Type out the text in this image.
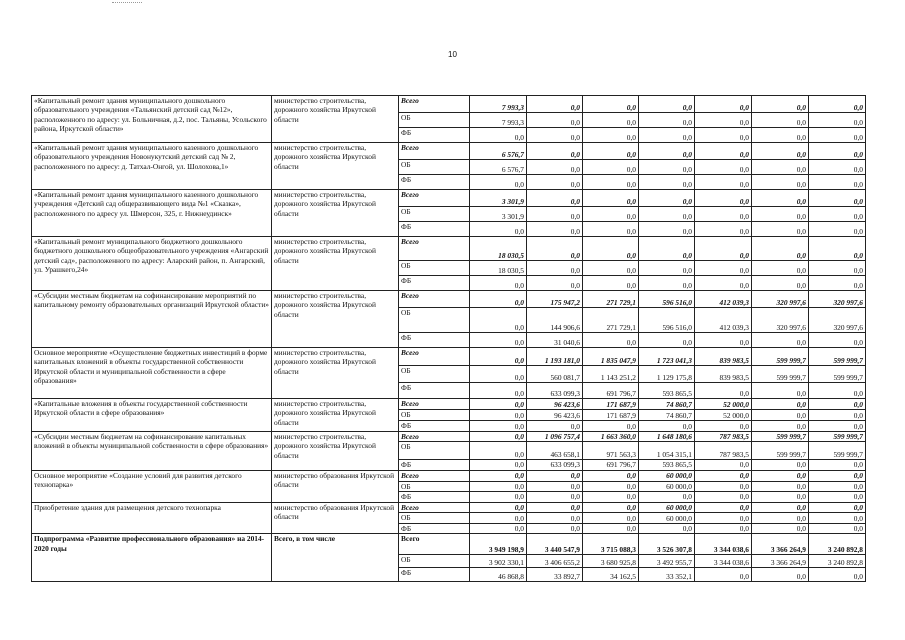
10
«Капитальный ремонт здания муниципального дошкольного образовательного учреждения «Тальянский детский сад №12», расположенного по адресу: ул. Больничная, д.2, пос. Тальяны, Усольского района, Иркутской области»	министерство строительства, дорожного хозяйства Иркутской области	Всего	7 993,3	0,0	0,0	0,0	0,0	0,0	0,0
		ОБ	7 993,3	0,0	0,0	0,0	0,0	0,0	0,0
		ФБ	0,0	0,0	0,0	0,0	0,0	0,0	0,0
«Капитальный ремонт здания муниципального казенного дошкольного образовательного учреждения Новонукутский детский сад № 2, расположенного по адресу: д. Татхал-Онгой, ул. Шолохова,1»	министерство строительства, дорожного хозяйства Иркутской области	Всего	6 576,7	0,0	0,0	0,0	0,0	0,0	0,0
		ОБ	6 576,7	0,0	0,0	0,0	0,0	0,0	0,0
		ФБ	0,0	0,0	0,0	0,0	0,0	0,0	0,0
«Капитальный ремонт здания муниципального казенного дошкольного учреждения «Детский сад общеразвивающего вида №1 «Сказка», расположенного по адресу ул. Шмерсон, 325, г. Нижнеудинск»	министерство строительства, дорожного хозяйства Иркутской области	Всего	3 301,9	0,0	0,0	0,0	0,0	0,0	0,0
		ОБ	3 301,9	0,0	0,0	0,0	0,0	0,0	0,0
		ФБ	0,0	0,0	0,0	0,0	0,0	0,0	0,0
«Капитальный ремонт муниципального бюджетного дошкольного бюджетного дошкольного общеобразовательного учреждения «Ангарский детский сад», расположенного по адресу: Аларский район, п. Ангарский, ул. Урашкего,24»	министерство строительства, дорожного хозяйства Иркутской области	Всего	18 030,5	0,0	0,0	0,0	0,0	0,0	0,0
		ОБ	18 030,5	0,0	0,0	0,0	0,0	0,0	0,0
		ФБ	0,0	0,0	0,0	0,0	0,0	0,0	0,0
«Субсидии местным бюджетам на софинансирование мероприятий по капитальному ремонту образовательных организаций Иркутской области»	министерство строительства, дорожного хозяйства Иркутской области	Всего	0,0	175 947,2	271 729,1	596 516,0	412 039,3	320 997,6	320 997,6
		ОБ	0,0	144 906,6	271 729,1	596 516,0	412 039,3	320 997,6	320 997,6
		ФБ	0,0	31 040,6	0,0	0,0	0,0	0,0	0,0
Основное мероприятие «Осуществление бюджетных инвестиций в форме капитальных вложений в объекты государственной собственности Иркутской области и муниципальной собственности в сфере образования»	министерство строительства, дорожного хозяйства Иркутской области	Всего	0,0	1 193 181,0	1 835 047,9	1 723 041,3	839 983,5	599 999,7	599 999,7
		ОБ	0,0	560 081,7	1 143 251,2	1 129 175,8	839 983,5	599 999,7	599 999,7
		ФБ	0,0	633 099,3	691 796,7	593 865,5	0,0	0,0	0,0
«Капитальные вложения в объекты государственной собственности Иркутской области в сфере образования»	министерство строительства, дорожного хозяйства Иркутской области	Всего	0,0	96 423,6	171 687,9	74 860,7	52 000,0	0,0	0,0
		ОБ	0,0	96 423,6	171 687,9	74 860,7	52 000,0	0,0	0,0
		ФБ	0,0	0,0	0,0	0,0	0,0	0,0	0,0
«Субсидии местным бюджетам на софинансирование капитальных вложений в объекты муниципальной собственности в сфере образования»	министерство строительства, дорожного хозяйства Иркутской области	Всего	0,0	1 096 757,4	1 663 360,0	1 648 180,6	787 983,5	599 999,7	599 999,7
		ОБ	0,0	463 658,1	971 563,3	1 054 315,1	787 983,5	599 999,7	599 999,7
		ФБ	0,0	633 099,3	691 796,7	593 865,5	0,0	0,0	0,0
Основное мероприятие «Создание условий для развития детского технопарка»	министерство образования Иркутской области	Всего	0,0	0,0	0,0	60 000,0	0,0	0,0	0,0
		ОБ	0,0	0,0	0,0	60 000,0	0,0	0,0	0,0
		ФБ	0,0	0,0	0,0	0,0	0,0	0,0	0,0
Приобретение здания для размещения детского технопарка	министерство образования Иркутской области	Всего	0,0	0,0	0,0	60 000,0	0,0	0,0	0,0
		ОБ	0,0	0,0	0,0	60 000,0	0,0	0,0	0,0
		ФБ	0,0	0,0	0,0	0,0	0,0	0,0	0,0
Подпрограмма «Развитие профессионального образования» на 2014-2020 годы	Всего, в том числе	Всего	3 949 198,9	3 440 547,9	3 715 088,3	3 526 307,8	3 344 038,6	3 366 264,9	3 240 892,8
		ОБ	3 902 330,1	3 406 655,2	3 680 925,8	3 492 955,7	3 344 038,6	3 366 264,9	3 240 892,8
		ФБ	46 868,8	33 892,7	34 162,5	33 352,1	0,0	0,0	0,0
